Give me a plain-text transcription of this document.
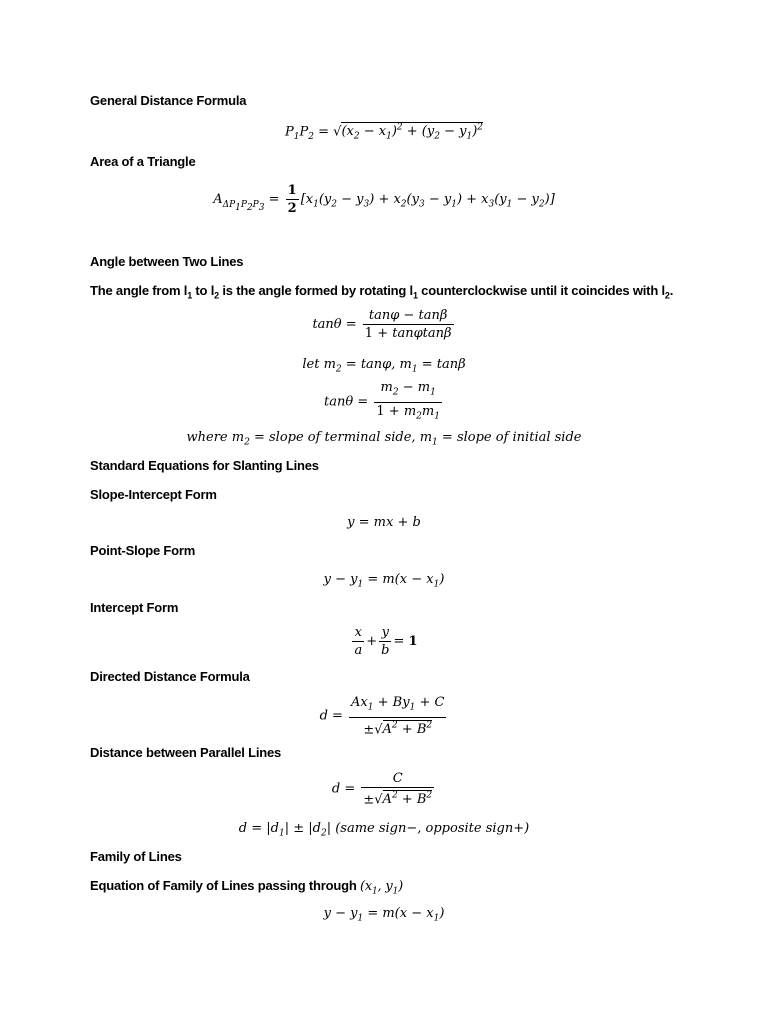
General Distance Formula
$P_1P_2 = √(x_2 - x_1)^2 + (y_2 - y_1)^2$
Area of a Triangle
$A_{\Delta P_1P_2P_3} = \frac{1}{2} [x_1(y_2 - y_3) + x_2(y_3 - y_1) + x_3(y_1 - y_2)]$
Angle between Two Lines
The angle from $l_1$ to $l_2$ is the angle formed by rotating $l_1$ counterclockwise until it coincides with $l_2$.
$\tan\theta = \frac{\tan\varphi - \tan\beta}{1 + \tan\varphi\tan\beta}$
let $m_2 = \tan\varphi$, $m_1 = \tan\beta$
$\tan\theta = \frac{m_2 - m_1}{1 + m_2m_1}$
where $m_2$ = slope of terminal side, $m_1$ = slope of initial side
Standard Equations for Slanting Lines
Slope-Intercept Form
y = mx + b
Point-Slope Form
$y - y_1 = m(x - x_1)$
Intercept Form
$\frac{x}{a} + \frac{y}{b} = 1$
Directed Distance Formula
$d = \frac{Ax_1 + By_1 + C}{\pm√A^2 + B^2}$
Distance between Parallel Lines
$d = \frac{C}{\pm√A^2 + B^2}$
$d = |d_1| \pm |d_2|$ (same sign−, opposite sign+)
Family of Lines
Equation of Family of Lines passing through ($x_1$, $y_1$)
$y - y_1 = m(x - x_1)$
